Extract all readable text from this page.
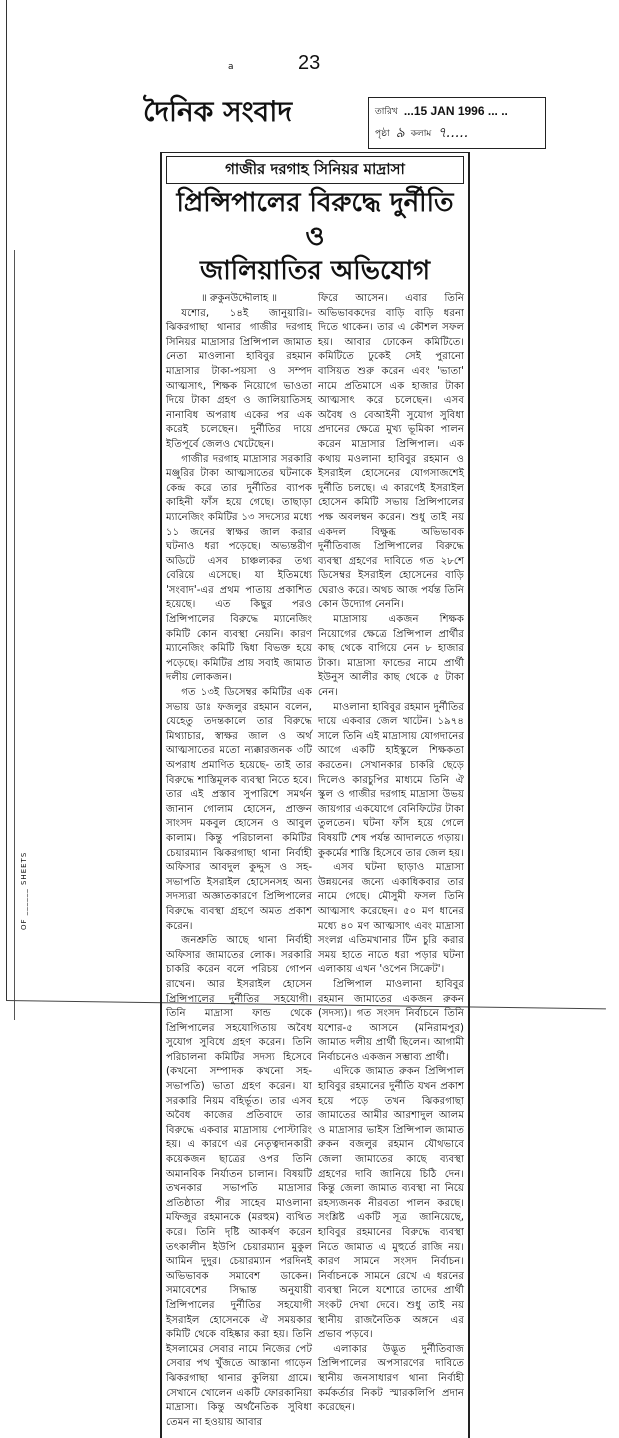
OF ______ SHEETS
a	23
দৈনিক সংবাদ	তারিখ ...15 JAN 1996 ... ..
পৃষ্ঠা ৯ কলাম ৭.....
গাজীর দরগাহ সিনিয়র মাদ্রাসা
প্রিন্সিপালের বিরুদ্ধে দুর্নীতি ও
জালিয়াতির অভিযোগ
॥ রুকুনউদ্দৌলাহ ॥

যশোর, ১৪ই জানুয়ারি।- ঝিকরগাছা থানার গাজীর দরগাহ সিনিয়র মাদ্রাসার প্রিন্সিপাল জামাত নেতা মাওলানা হাবিবুর রহমান মাদ্রাসার টাকা-পয়সা ও সম্পদ আত্মসাৎ, শিক্ষক নিয়োগে ভাওতা দিয়ে টাকা গ্রহণ ও জালিয়াতিসহ নানাবিধ অপরাধ একের পর এক করেই চলেছেন। দুর্নীতির দায়ে ইতিপূর্বে জেলও খেটেছেন।

গাজীর দরগাহ মাদ্রাসার সরকারি মঞ্জুরির টাকা আত্মসাতের ঘটনাকে কেন্দ্র করে তার দুর্নীতির ব্যাপক কাহিনী ফাঁস হয়ে গেছে। তাছাড়া ম্যানেজিং কমিটির ১৩ সদস্যের মধ্যে ১১ জনের স্বাক্ষর জাল করার ঘটনাও ধরা পড়েছে। অভ্যন্তরীণ অডিটে এসব চাঞ্চল্যকর তথ্য বেরিয়ে এসেছে। যা ইতিমধ্যে 'সংবাদ'-এর প্রথম পাতায় প্রকাশিত হয়েছে। এত কিছুর পরও প্রিন্সিপালের বিরুদ্ধে ম্যানেজিং কমিটি কোন ব্যবস্থা নেয়নি। কারণ ম্যানেজিং কমিটি দ্বিধা বিভক্ত হয়ে পড়েছে। কমিটির প্রায় সবাই জামাত দলীয় লোকজন।

গত ১৩ই ডিসেম্বর কমিটির এক সভায় ডাঃ ফজলুর রহমান বলেন, যেহেতু তদন্তকালে তার বিরুদ্ধে মিথ্যাচার, স্বাক্ষর জাল ও অর্থ আত্মসাতের মতো ন্যক্কারজনক ৩টি অপরাধ প্রমাণিত হয়েছে- তাই তার বিরুদ্ধে শাস্তিমূলক ব্যবস্থা নিতে হবে। তার এই প্রস্তাব সুপারিশে সমর্থন জানান গোলাম হোসেন, প্রাক্তন সাংসদ মকবুল হোসেন ও আবুল কালাম। কিন্তু পরিচালনা কমিটির চেয়ারম্যান ঝিকরগাছা থানা নির্বাহী অফিসার আবদুল কুদ্দুস ও সহ-সভাপতি ইসরাইল হোসেনসহ অন্য সদস্যরা অজ্ঞাতকারণে প্রিন্সিপালের বিরুদ্ধে ব্যবস্থা গ্রহণে অমত প্রকাশ করেন।

জনশ্রুতি আছে থানা নির্বাহী অফিসার জামাতের লোক। সরকারি চাকরি করেন বলে পরিচয় গোপন রাখেন। আর ইসরাইল হোসেন প্রিন্সিপালের দুর্নীতির সহযোগী। তিনি মাদ্রাসা ফান্ড থেকে প্রিন্সিপালের সহযোগিতায় অবৈধ সুযোগ সুবিধে গ্রহণ করেন। তিনি পরিচালনা কমিটির সদস্য হিসেবে (কখনো সম্পাদক কখনো সহ-সভাপতি) ভাতা গ্রহণ করেন। যা সরকারি নিয়ম বহির্ভূত। তার এসব অবৈধ কাজের প্রতিবাদে তার বিরুদ্ধে একবার মাদ্রাসায় পোস্টারিং হয়। এ কারণে এর নেতৃত্বদানকারী কয়েকজন ছাত্রের ওপর তিনি অমানবিক নির্যাতন চালান। বিষয়টি তখনকার সভাপতি মাদ্রাসার প্রতিষ্ঠাতা পীর সাহেব মাওলানা মফিজুর রহমানকে (মরহুম) ব্যথিত করে। তিনি দৃষ্টি আকর্ষণ করেন তৎকালীন ইউপি চেয়ারম্যান মুকুল আমিন দুদুর। চেয়ারম্যান পরদিনই অভিভাবক সমাবেশ ডাকেন। সমাবেশের সিদ্ধান্ত অনুযায়ী প্রিন্সিপালের দুর্নীতির সহযোগী ইসরাইল হোসেনকে ঐ সময়কার কমিটি থেকে বহিষ্কার করা হয়। তিনি ইসলামের সেবার নামে নিজের পেট সেবার পথ খুঁজতে আস্তানা গাড়েন ঝিকরগাছা থানার কুলিয়া গ্রামে। সেখানে খোলেন একটি ফোরকানিয়া মাদ্রাসা। কিন্তু অর্থনৈতিক সুবিধা তেমন না হওয়ায় আবার

ফিরে আসেন। এবার তিনি অভিভাবকদের বাড়ি বাড়ি ধরনা দিতে থাকেন। তার এ কৌশল সফল হয়। আবার ঢোকেন কমিটিতে। কমিটিতে ঢুকেই সেই পুরানো বাসিয়ত শুরু করেন এবং 'ভাতা' নামে প্রতিমাসে এক হাজার টাকা আত্মসাৎ করে চলেছেন। এসব অবৈধ ও বেআইনী সুযোগ সুবিধা প্রদানের ক্ষেত্রে মুখ্য ভূমিকা পালন করেন মাদ্রাসার প্রিন্সিপাল। এক কথায় মওলানা হাবিবুর রহমান ও ইসরাইল হোসেনের যোগসাজশেই দুর্নীতি চলছে। এ কারণেই ইসরাইল হোসেন কমিটি সভায় প্রিন্সিপালের পক্ষ অবলম্বন করেন। শুধু তাই নয় একদল বিক্ষুব্ধ অভিভাবক দুর্নীতিবাজ প্রিন্সিপালের বিরুদ্ধে ব্যবস্থা গ্রহণের দাবিতে গত ২৮শে ডিসেম্বর ইসরাইল হোসেনের বাড়ি ঘেরাও করে। অথচ আজ পর্যন্ত তিনি কোন উদ্যোগ নেননি।

মাদ্রাসায় একজন শিক্ষক নিয়োগের ক্ষেত্রে প্রিন্সিপাল প্রার্থীর কাছ থেকে বাগিয়ে নেন ৮ হাজার টাকা। মাদ্রাসা ফান্ডের নামে প্রার্থী ইউনুস আলীর কাছ থেকে ৫ টাকা নেন।

মাওলানা হাবিবুর রহমান দুর্নীতির দায়ে একবার জেল খাটেন। ১৯৭৪ সালে তিনি এই মাদ্রাসায় যোগদানের আগে একটি হাইস্কুলে শিক্ষকতা করতেন। সেখানকার চাকরি ছেড়ে দিলেও কারচুপির মাধ্যমে তিনি ঐ স্কুল ও গাজীর দরগাহ মাদ্রাসা উভয় জায়গার একযোগে বেনিফিটের টাকা তুলতেন। ঘটনা ফাঁস হয়ে গেলে বিষয়টি শেষ পর্যন্ত আদালতে গড়ায়। কুকর্মের শাস্তি হিসেবে তার জেল হয়।

এসব ঘটনা ছাড়াও মাদ্রাসা উন্নয়নের জন্যে একাধিকবার তার নামে গেছে। মৌসুমী ফসল তিনি আত্মসাৎ করেছেন। ৫০ মণ ধানের মধ্যে ৪০ মণ আত্মসাৎ এবং মাদ্রাসা সংলগ্ন এতিমখানার টিন চুরি করার সময় হাতে নাতে ধরা পড়ার ঘটনা এলাকায় এখন 'ওপেন সিক্রেট'।

প্রিন্সিপাল মাওলানা হাবিবুর রহমান জামাতের একজন রুকন (সদস্য)। গত সংসদ নির্বাচনে তিনি যশোর-৫ আসনে (মনিরামপুর) জামাত দলীয় প্রার্থী ছিলেন। আগামী নির্বাচনেও একজন সম্ভাব্য প্রার্থী।

এদিকে জামাত রুকন প্রিন্সিপাল হাবিবুর রহমানের দুর্নীতি যখন প্রকাশ হয়ে পড়ে তখন ঝিকরগাছা জামাতের আমীর আরশাদুল আলম ও মাদ্রাসার ভাইস প্রিন্সিপাল জামাত রুকন বজলুর রহমান যৌথভাবে জেলা জামাতের কাছে ব্যবস্থা গ্রহণের দাবি জানিয়ে চিঠি দেন। কিন্তু জেলা জামাত ব্যবস্থা না নিয়ে রহস্যজনক নীরবতা পালন করছে। সংশ্লিষ্ট একটি সূত্র জানিয়েছে, হাবিবুর রহমানের বিরুদ্ধে ব্যবস্থা নিতে জামাত এ মুহুর্তে রাজি নয়। কারণ সামনে সংসদ নির্বাচন। নির্বাচনকে সামনে রেখে এ ধরনের ব্যবস্থা নিলে যশোরে তাদের প্রার্থী সংকট দেখা দেবে। শুধু তাই নয় স্থানীয় রাজনৈতিক অঙ্গনে এর প্রভাব পড়বে।

এলাকার উদ্ভূত দুর্নীতিবাজ প্রিন্সিপালের অপসারণের দাবিতে স্থানীয় জনসাধারণ থানা নির্বাহী কর্মকর্তার নিকট স্মারকলিপি প্রদান করেছেন।
